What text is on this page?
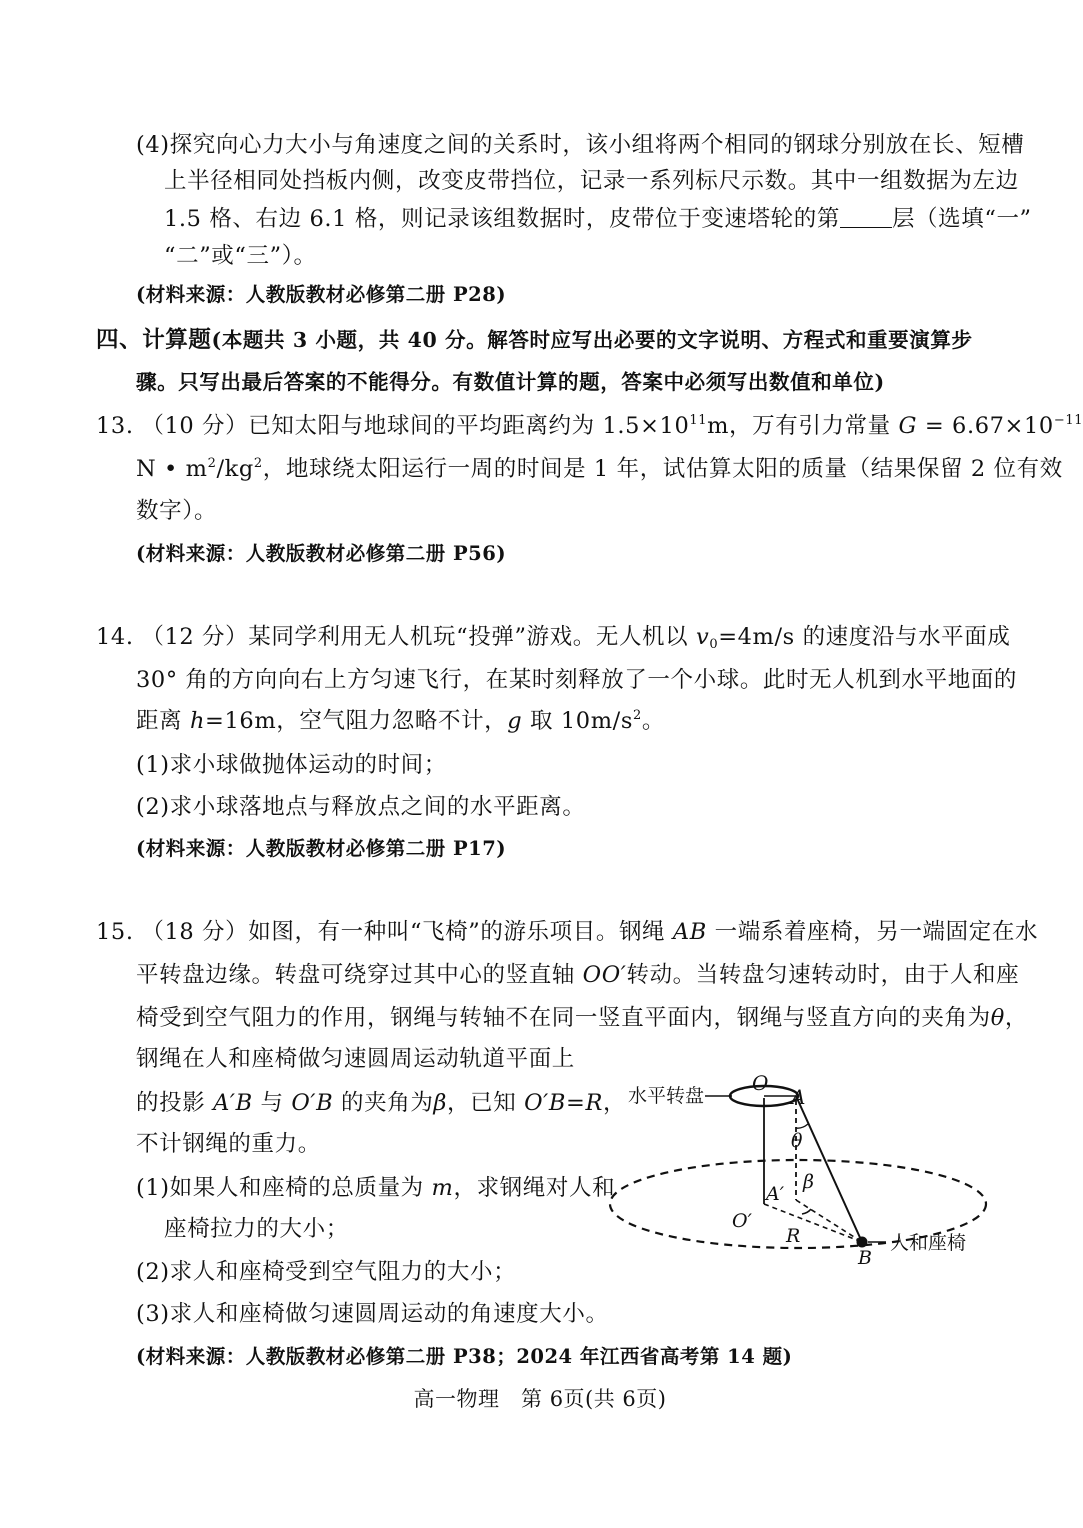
(4)探究向心力大小与角速度之间的关系时，该小组将两个相同的钢球分别放在长、短槽
上半径相同处挡板内侧，改变皮带挡位，记录一系列标尺示数。其中一组数据为左边
1.5 格、右边 6.1 格，则记录该组数据时，皮带位于变速塔轮的第 层（选填“一”
“二”或“三”）。
(材料来源：人教版教材必修第二册 P28)
四、计算题(本题共 3 小题，共 40 分。解答时应写出必要的文字说明、方程式和重要演算步
骤。只写出最后答案的不能得分。有数值计算的题，答案中必须写出数值和单位)
13. （10 分）已知太阳与地球间的平均距离约为 $1.5\times 10^{11}m$，万有引力常量 $G = 6.67\times 10^{-11}$
N • $m^2/kg^2$，地球绕太阳运行一周的时间是 1 年，试估算太阳的质量（结果保留 2 位有效
数字）。
(材料来源：人教版教材必修第二册 P56)
14. （12 分）某同学利用无人机玩“投弹”游戏。无人机以 $v_0=4m/s$ 的速度沿与水平面成
30° 角的方向向右上方匀速飞行，在某时刻释放了一个小球。此时无人机到水平地面的
距离 h=16m，空气阻力忽略不计，g 取 $10m/s^2$。
(1)求小球做抛体运动的时间；
(2)求小球落地点与释放点之间的水平距离。
(材料来源：人教版教材必修第二册 P17)
15. （18 分）如图，有一种叫“飞椅”的游乐项目。钢绳 AB 一端系着座椅，另一端固定在水
平转盘边缘。转盘可绕穿过其中心的竖直轴 OO′转动。当转盘匀速转动时，由于人和座
椅受到空气阻力的作用，钢绳与转轴不在同一竖直平面内，钢绳与竖直方向的夹角为θ，
钢绳在人和座椅做匀速圆周运动轨道平面上
的投影 A′B 与 O′B 的夹角为β，已知 O′B=R，
不计钢绳的重力。
(1)如果人和座椅的总质量为 m，求钢绳对人和
座椅拉力的大小；
(2)求人和座椅受到空气阻力的大小；
(3)求人和座椅做匀速圆周运动的角速度大小。
(材料来源：人教版教材必修第二册 P38；2024 年江西省高考第 14 题)
水平转盘
O
A
θ
β
A′
O′
R
B
人和座椅
高一物理　第 6页(共 6页)
